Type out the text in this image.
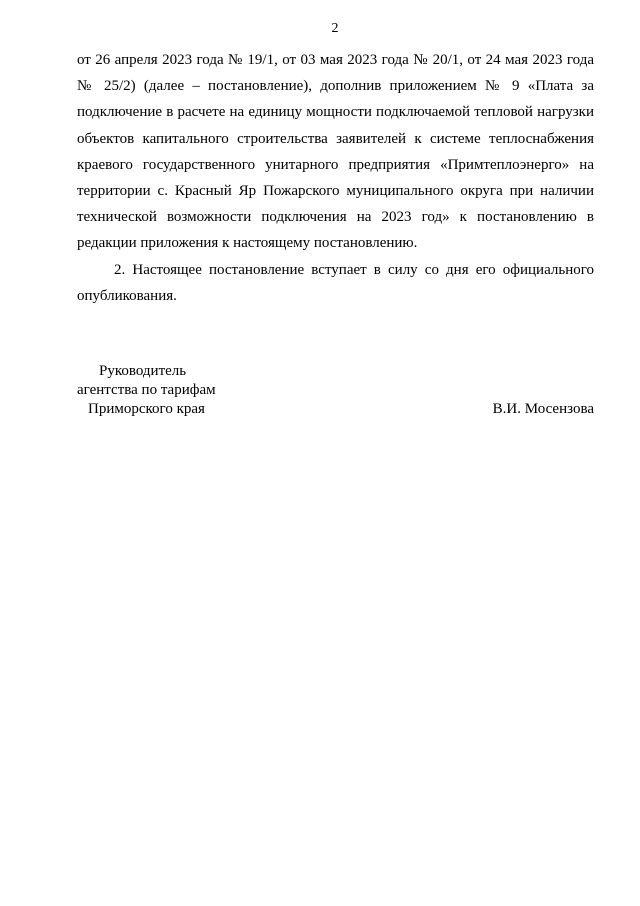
2
от 26 апреля 2023 года № 19/1, от 03 мая 2023 года № 20/1, от 24 мая 2023 года
№ 25/2) (далее – постановление), дополнив приложением № 9 «Плата за
подключение в расчете на единицу мощности подключаемой тепловой нагрузки
объектов капитального строительства заявителей к системе теплоснабжения
краевого государственного унитарного предприятия «Примтеплоэнерго» на
территории с. Красный Яр Пожарского муниципального округа при наличии
технической возможности подключения на 2023 год» к постановлению в
редакции приложения к настоящему постановлению.
2. Настоящее постановление вступает в силу со дня его официального
опубликования.
Руководитель
агентства по тарифам
Приморского края	В.И. Мосензова
